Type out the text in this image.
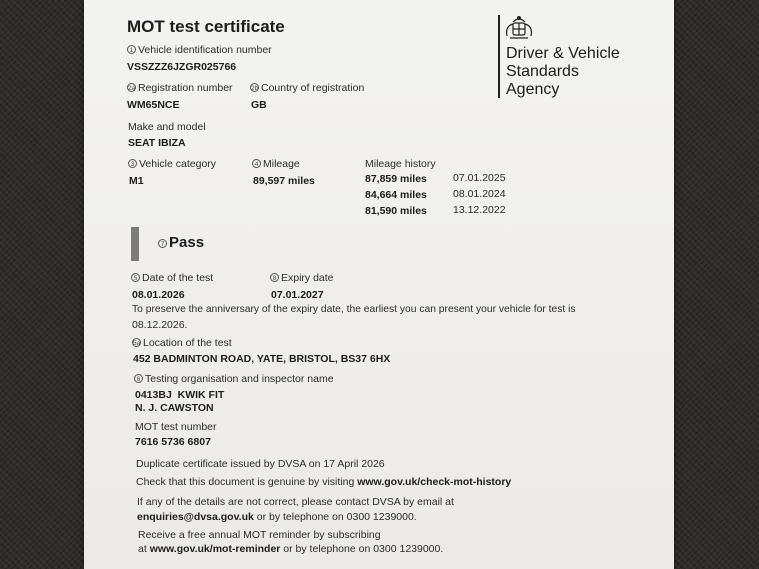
MOT test certificate
Driver & Vehicle
Standards
Agency
1 Vehicle identification number
VSSZZZ6JZGR025766
2a Registration number
WM65NCE
2b Country of registration
GB
Make and model
SEAT IBIZA
3 Vehicle category
M1
4 Mileage
89,597 miles
Mileage history
87,859 miles 07.01.2025
84,664 miles 08.01.2024
81,590 miles 13.12.2022
7 Pass
5 Date of the test
08.01.2026
8 Expiry date
07.01.2027
To preserve the anniversary of the expiry date, the earliest you can present your vehicle for test is
08.12.2026.
5a Location of the test
452 BADMINTON ROAD, YATE, BRISTOL, BS37 6HX
6 Testing organisation and inspector name
0413BJ  KWIK FIT
N. J. CAWSTON
MOT test number
7616 5736 6807
Duplicate certificate issued by DVSA on 17 April 2026
Check that this document is genuine by visiting www.gov.uk/check-mot-history
If any of the details are not correct, please contact DVSA by email at
enquiries@dvsa.gov.uk or by telephone on 0300 1239000.
Receive a free annual MOT reminder by subscribing
at www.gov.uk/mot-reminder or by telephone on 0300 1239000.
